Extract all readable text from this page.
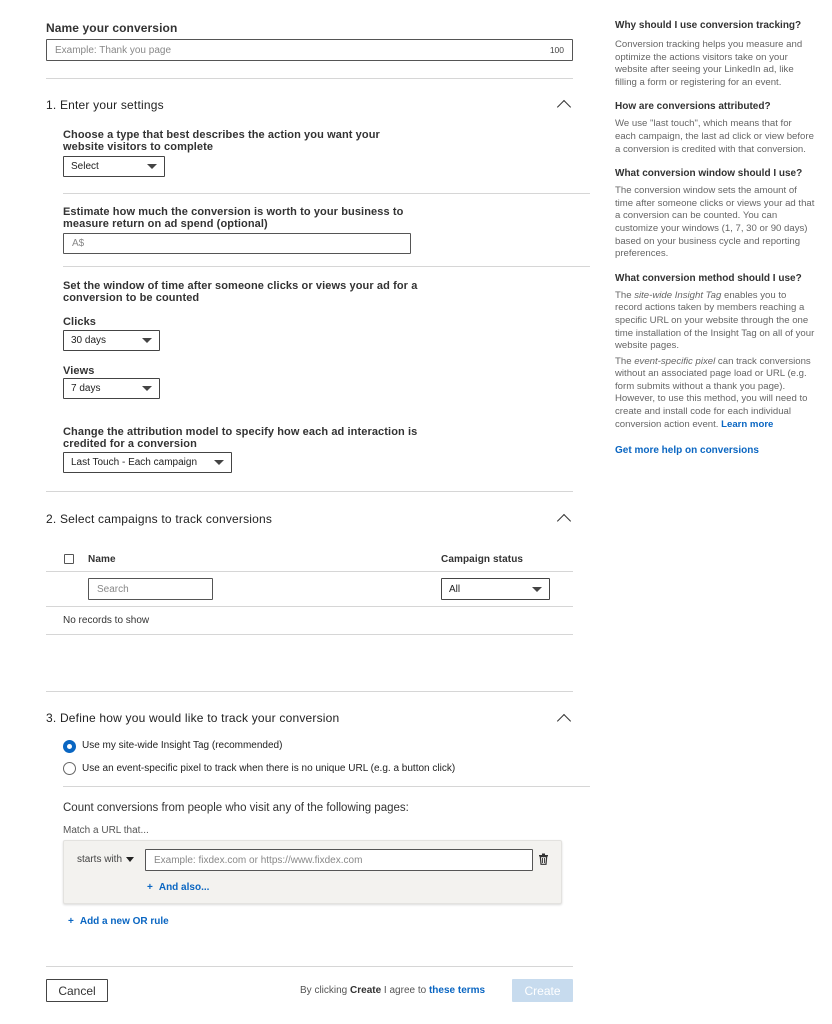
Name your conversion
Example: Thank you page	100
1. Enter your settings
Choose a type that best describes the action you want your website visitors to complete
Select
Estimate how much the conversion is worth to your business to measure return on ad spend (optional)
A$
Set the window of time after someone clicks or views your ad for a conversion to be counted
Clicks
30 days
Views
7 days
Change the attribution model to specify how each ad interaction is credited for a conversion
Last Touch - Each campaign
2. Select campaigns to track conversions
Name	Campaign status
Search	All
No records to show
3. Define how you would like to track your conversion
Use my site-wide Insight Tag (recommended)
Use an event-specific pixel to track when there is no unique URL (e.g. a button click)
Count conversions from people who visit any of the following pages:
Match a URL that...
starts with	Example: fixdex.com or https://www.fixdex.com
+ And also...
+ Add a new OR rule
Cancel	By clicking Create I agree to these terms	Create
Why should I use conversion tracking?
Conversion tracking helps you measure and optimize the actions visitors take on your website after seeing your LinkedIn ad, like filling a form or registering for an event.
How are conversions attributed?
We use "last touch", which means that for each campaign, the last ad click or view before a conversion is credited with that conversion.
What conversion window should I use?
The conversion window sets the amount of time after someone clicks or views your ad that a conversion can be counted. You can customize your windows (1, 7, 30 or 90 days) based on your business cycle and reporting preferences.
What conversion method should I use?
The site-wide Insight Tag enables you to record actions taken by members reaching a specific URL on your website through the one time installation of the Insight Tag on all of your website pages.
The event-specific pixel can track conversions without an associated page load or URL (e.g. form submits without a thank you page). However, to use this method, you will need to create and install code for each individual conversion action event. Learn more
Get more help on conversions
